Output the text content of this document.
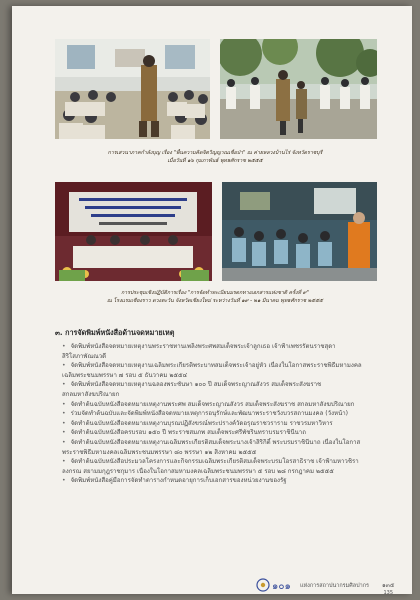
การเสวนาภาคกำลังบุญ เรื่อง "พื้นความคิดจิตวิญญาณเชื่อป่า" ณ ค่ายหลวงบ้านไร่ จังหวัดราชบุรี
เมื่อวันที่ ๑๖ กุมภาพันธ์ พุทธศักราช ๒๕๕๕
การประชุมเชิงปฏิบัติการเรื่อง "การจัดทำทะเบียนมรดกทางเอกสารแห่งชาติ ครั้งที่ ๙"
ณ โรงแรมเชียงราว ดวงตะวัน จังหวัดเชียงใหม่ ระหว่างวันที่ ๑๙ - ๒๑ มีนาคม พุทธศักราช ๒๕๕๕
๓. การจัดพิมพ์หนังสือด้านจดหมายเหตุ
• จัดพิมพ์หนังสือจดหมายเหตุงานพระราชทานเพลิงพระศพสมเด็จพระเจ้าลูกเธอ เจ้าฟ้าเพชรรัตนราชสุดา
สิริโสภาพัณณวดี
• จัดพิมพ์หนังสือจดหมายเหตุงานเฉลิมพระเกียรติพระบาทสมเด็จพระเจ้าอยู่หัว เนื่องในโอกาสพระราชพิธีมหามงคล
เฉลิมพระชนมพรรษา ๗ รอบ ๕ ธันวาคม ๒๕๕๔
• จัดพิมพ์หนังสือจดหมายเหตุงานฉลองพระชันษา ๑๐๐ ปี สมเด็จพระญาณสังวร สมเด็จพระสังฆราช
สกลมหาสังฆปริณายก
• จัดทำต้นฉบับหนังสือจดหมายเหตุงานพระศพ สมเด็จพระญาณสังวร สมเด็จพระสังฆราช สกลมหาสังฆปริณายก
• ร่วมจัดทำต้นฉบับและจัดพิมพ์หนังสือจดหมายเหตุการอนุรักษ์และพัฒนาพระราชวังบวรสถานมงคล (วังหน้า)
• จัดทำต้นฉบับหนังสือจดหมายเหตุงานบุรณปฏิสังขรณ์พระปรางค์วัดอรุณราชวราราม ราชวรมหาวิหาร
• จัดทำต้นฉบับหนังสือครบรอบ ๑๕๐ ปี พระราชสมภพ สมเด็จพระศรีพัชรินทราบรมราชินีนาถ
• จัดทำต้นฉบับหนังสือจดหมายเหตุงานเฉลิมพระเกียรติสมเด็จพระนางเจ้าสิริกิติ์ พระบรมราชินีนาถ เนื่องในโอกาส
พระราชพิธีมหามงคลเฉลิมพระชนมพรรษา ๘๐ พรรษา ๑๒ สิงหาคม ๒๕๕๕
• จัดทำต้นฉบับหนังสือประมวลโครงการและกิจกรรมเฉลิมพระเกียรติสมเด็จพระบรมโอรสาธิราช เจ้าฟ้ามหาวชิรา
ลงกรณ สยามมกุฎราชกุมาร เนื่องในโอกาสมหามงคลเฉลิมพระชนมพรรษา ๕ รอบ ๒๘ กรกฎาคม ๒๕๕๕
• จัดพิมพ์หนังสือคู่มือการจัดทำตารางกำหนดอายุการเก็บเอกสารของหน่วยงานของรัฐ
๑๐๑ แห่งการสถาปนากรมศิลปากร ๑๓๕
135
